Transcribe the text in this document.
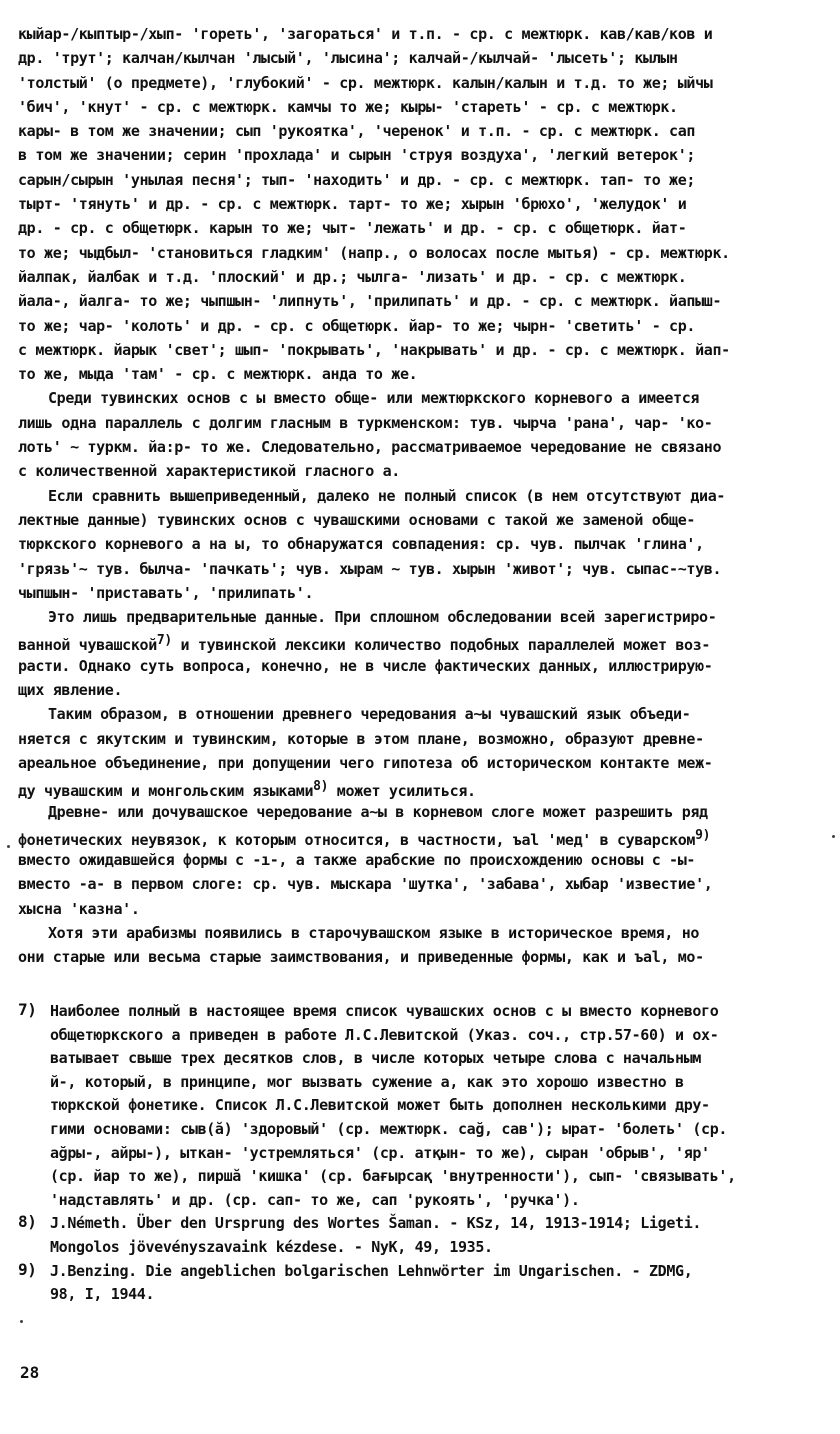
кыйар-/кыптыр-/хып- 'гореть', 'загораться' и т.п. - ср. с межтюрк. кав/кав/ков и
др. 'трут'; калчан/кылчан 'лысый', 'лысина'; калчай-/кылчай- 'лысеть'; кылын
'толстый' (о предмете), 'глубокий' - ср. межтюрк. калын/калын и т.д. то же; ыйчы
'бич', 'кнут' - ср. с межтюрк. камчы то же; кыры- 'стареть' - ср. с межтюрк.
кары- в том же значении; сып 'рукоятка', 'черенок' и т.п. - ср. с межтюрк. сап
в том же значении; серин 'прохлада' и сырын 'струя воздуха', 'легкий ветерок';
сарын/сырын 'унылая песня'; тып- 'находить' и др. - ср. с межтюрк. тап- то же;
тырт- 'тянуть' и др. - ср. с межтюрк. тарт- то же; хырын 'брюхо', 'желудок' и
др. - ср. с общетюрк. карын то же; чыт- 'лежать' и др. - ср. с общетюрк. йат-
то же; чыдбыл- 'становиться гладким' (напр., о волосах после мытья) - ср. межтюрк.
йалпак, йалбак и т.д. 'плоский' и др.; чылга- 'лизать' и др. - ср. с межтюрк.
йала-, йалга- то же; чыпшын- 'липнуть', 'прилипать' и др. - ср. с межтюрк. йапыш-
то же; чар- 'колоть' и др. - ср. с общетюрк. йар- то же; чырн- 'светить' - ср.
с межтюрк. йарык 'свет'; шып- 'покрывать', 'накрывать' и др. - ср. с межтюрк. йап-
то же, мыда 'там' - ср. с межтюрк. анда то же.
Среди тувинских основ с ы вместо обще- или межтюркского корневого а имеется
лишь одна параллель с долгим гласным в туркменском: тув. чырча 'рана', чар- 'ко-
лоть' ~ туркм. йа:р- то же. Следовательно, рассматриваемое чередование не связано
с количественной характеристикой гласного а.
Если сравнить вышеприведенный, далеко не полный список (в нем отсутствуют диа-
лектные данные) тувинских основ с чувашскими основами с такой же заменой обще-
тюркского корневого а на ы, то обнаружатся совпадения: ср. чув. пылчак 'глина',
'грязь'~ тув. былча- 'пачкать'; чув. хырам ~ тув. хырын 'живот'; чув. сыпас-~тув.
чыпшын- 'приставать', 'прилипать'.
Это лишь предварительные данные. При сплошном обследовании всей зарегистриро-
ванной чувашской7) и тувинской лексики количество подобных параллелей может воз-
расти. Однако суть вопроса, конечно, не в числе фактических данных, иллюстрирую-
щих явление.
Таким образом, в отношении древнего чередования а~ы чувашский язык объеди-
няется с якутским и тувинским, которые в этом плане, возможно, образуют древне-
ареальное объединение, при допущении чего гипотеза об историческом контакте меж-
ду чувашским и монгольским языками8) может усилиться.
Древне- или дочувашское чередование а~ы в корневом слоге может разрешить ряд
фонетических неувязок, к которым относится, в частности, ъal 'мед' в суварском9)
вместо ожидавшейся формы с -ı-, а также арабские по происхождению основы с -ы-
вместо -а- в первом слоге: ср. чув. мыскара 'шутка', 'забава', хыбар 'известие',
хысна 'казна'.
Хотя эти арабизмы появились в старочувашском языке в историческое время, но
они старые или весьма старые заимствования, и приведенные формы, как и ъal, мо-
7) Наиболее полный в настоящее время список чувашских основ с ы вместо корневого
общетюркского а приведен в работе Л.С.Левитской (Указ. соч., стр.57-60) и ох-
ватывает свыше трех десятков слов, в числе которых четыре слова с начальным
й-, который, в принципе, мог вызвать сужение а, как это хорошо известно в
тюркской фонетике. Список Л.С.Левитской может быть дополнен несколькими дру-
гими основами: сыв(ă) 'здоровый' (ср. межтюрк. сağ, сав'); ырат- 'болеть' (ср.
ağры-, aйры-), ыткан- 'устремляться' (ср. атқын- то же), сыран 'обрыв', 'яр'
(ср. йар то же), пиршă 'кишка' (ср. бағырсақ 'внутренности'), сып- 'связывать',
'надставлять' и др. (ср. сап- то же, сап 'рукоять', 'ручка').
8) J.Németh. Über den Ursprung des Wortes Šaman. - KSz, 14, 1913-1914; Ligeti.
Mongolos jövevényszavaink kézdese. - NyK, 49, 1935.
9) J.Benzing. Die angeblichen bolgarischen Lehnwörter im Ungarischen. - ZDMG,
98, I, 1944.
28
